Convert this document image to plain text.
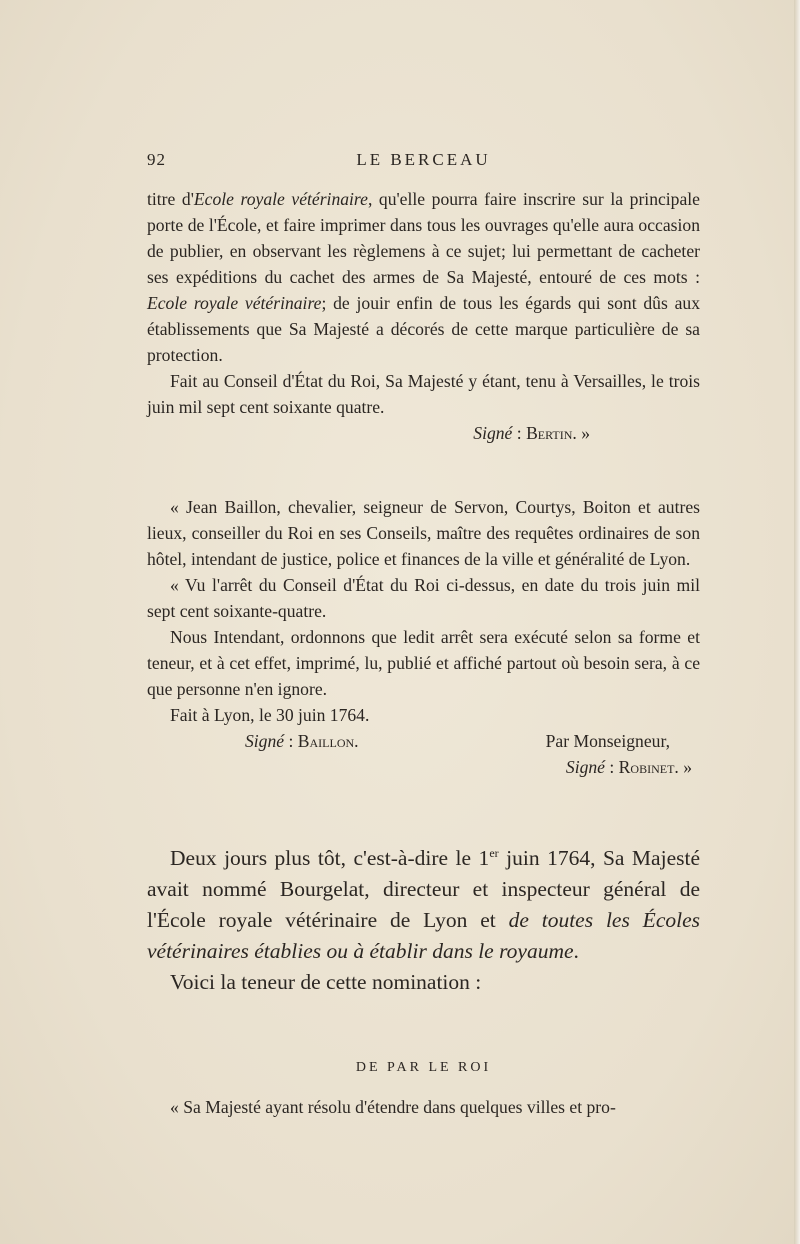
92	LE BERCEAU

titre d'Ecole royale vétérinaire, qu'elle pourra faire inscrire sur la principale porte de l'École, et faire imprimer dans tous les ouvrages qu'elle aura occasion de publier, en observant les règlemens à ce sujet; lui permettant de cacheter ses expéditions du cachet des armes de Sa Majesté, entouré de ces mots : Ecole royale vétérinaire; de jouir enfin de tous les égards qui sont dûs aux établissements que Sa Majesté a décorés de cette marque particulière de sa protection.

Fait au Conseil d'État du Roi, Sa Majesté y étant, tenu à Versailles, le trois juin mil sept cent soixante quatre.

Signé : Bertin. »

« Jean Baillon, chevalier, seigneur de Servon, Courtys, Boiton et autres lieux, conseiller du Roi en ses Conseils, maître des requêtes ordinaires de son hôtel, intendant de justice, police et finances de la ville et généralité de Lyon.

« Vu l'arrêt du Conseil d'État du Roi ci-dessus, en date du trois juin mil sept cent soixante-quatre.

Nous Intendant, ordonnons que ledit arrêt sera exécuté selon sa forme et teneur, et à cet effet, imprimé, lu, publié et affiché partout où besoin sera, à ce que personne n'en ignore.

Fait à Lyon, le 30 juin 1764.

Signé : Baillon.	Par Monseigneur,
Signé : Robinet. »

Deux jours plus tôt, c'est-à-dire le 1er juin 1764, Sa Majesté avait nommé Bourgelat, directeur et inspecteur général de l'École royale vétérinaire de Lyon et de toutes les Écoles vétérinaires établies ou à établir dans le royaume.

Voici la teneur de cette nomination :

DE PAR LE ROI
« Sa Majesté ayant résolu d'étendre dans quelques villes et pro-
